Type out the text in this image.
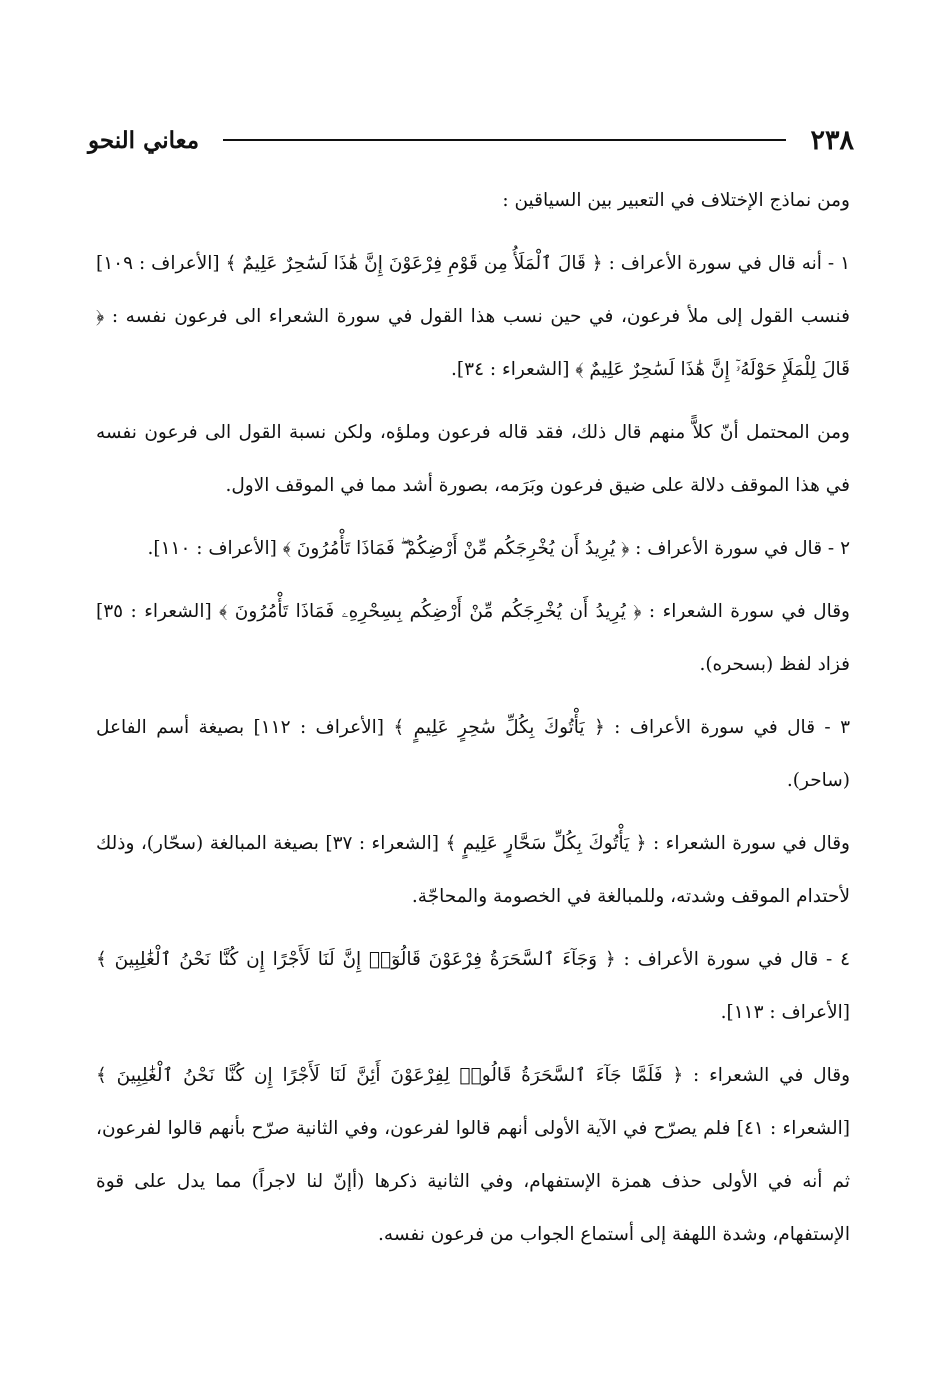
٢٣٨
معاني النحو

ومن نماذج الإختلاف في التعبير بين السياقين :

١ - أنه قال في سورة الأعراف : ﴿ قَالَ ٱلْمَلَأُ مِن قَوْمِ فِرْعَوْنَ إِنَّ هَٰذَا لَسَٰحِرٌ عَلِيمٌ ﴾ [الأعراف : ١٠٩] فنسب القول إلى ملأ فرعون، في حين نسب هذا القول في سورة الشعراء الى فرعون نفسه : ﴿ قَالَ لِلْمَلَإِ حَوْلَهُۥٓ إِنَّ هَٰذَا لَسَٰحِرٌ عَلِيمٌ ﴾ [الشعراء : ٣٤].

ومن المحتمل أنّ كلاًّ منهم قال ذلك، فقد قاله فرعون وملؤه، ولكن نسبة القول الى فرعون نفسه في هذا الموقف دلالة على ضيق فرعون وبَرَمه، بصورة أشد مما في الموقف الاول.

٢ - قال في سورة الأعراف : ﴿ يُرِيدُ أَن يُخْرِجَكُم مِّنْ أَرْضِكُمْ ۖ فَمَاذَا تَأْمُرُونَ ﴾ [الأعراف : ١١٠].

وقال في سورة الشعراء : ﴿ يُرِيدُ أَن يُخْرِجَكُم مِّنْ أَرْضِكُم بِسِحْرِهِۦ فَمَاذَا تَأْمُرُونَ ﴾ [الشعراء : ٣٥] فزاد لفظ (بسحره).

٣ - قال في سورة الأعراف : ﴿ يَأْتُوكَ بِكُلِّ سَٰحِرٍ عَلِيمٍ ﴾ [الأعراف : ١١٢] بصيغة أسم الفاعل (ساحر).

وقال في سورة الشعراء : ﴿ يَأْتُوكَ بِكُلِّ سَحَّارٍ عَلِيمٍ ﴾ [الشعراء : ٣٧] بصيغة المبالغة (سحّار)، وذلك لأحتدام الموقف وشدته، وللمبالغة في الخصومة والمحاجّة.

٤ - قال في سورة الأعراف : ﴿ وَجَآءَ ٱلسَّحَرَةُ فِرْعَوْنَ قَالُوٓا۟ إِنَّ لَنَا لَأَجْرًا إِن كُنَّا نَحْنُ ٱلْغَٰلِبِينَ ﴾ [الأعراف : ١١٣].

وقال في الشعراء : ﴿ فَلَمَّا جَآءَ ٱلسَّحَرَةُ قَالُوا۟ لِفِرْعَوْنَ أَئِنَّ لَنَا لَأَجْرًا إِن كُنَّا نَحْنُ ٱلْغَٰلِبِينَ ﴾ [الشعراء : ٤١] فلم يصرّح في الآية الأولى أنهم قالوا لفرعون، وفي الثانية صرّح بأنهم قالوا لفرعون، ثم أنه في الأولى حذف همزة الإستفهام، وفي الثانية ذكرها (أإنّ لنا لاجراً) مما يدل على قوة الإستفهام، وشدة اللهفة إلى أستماع الجواب من فرعون نفسه.
